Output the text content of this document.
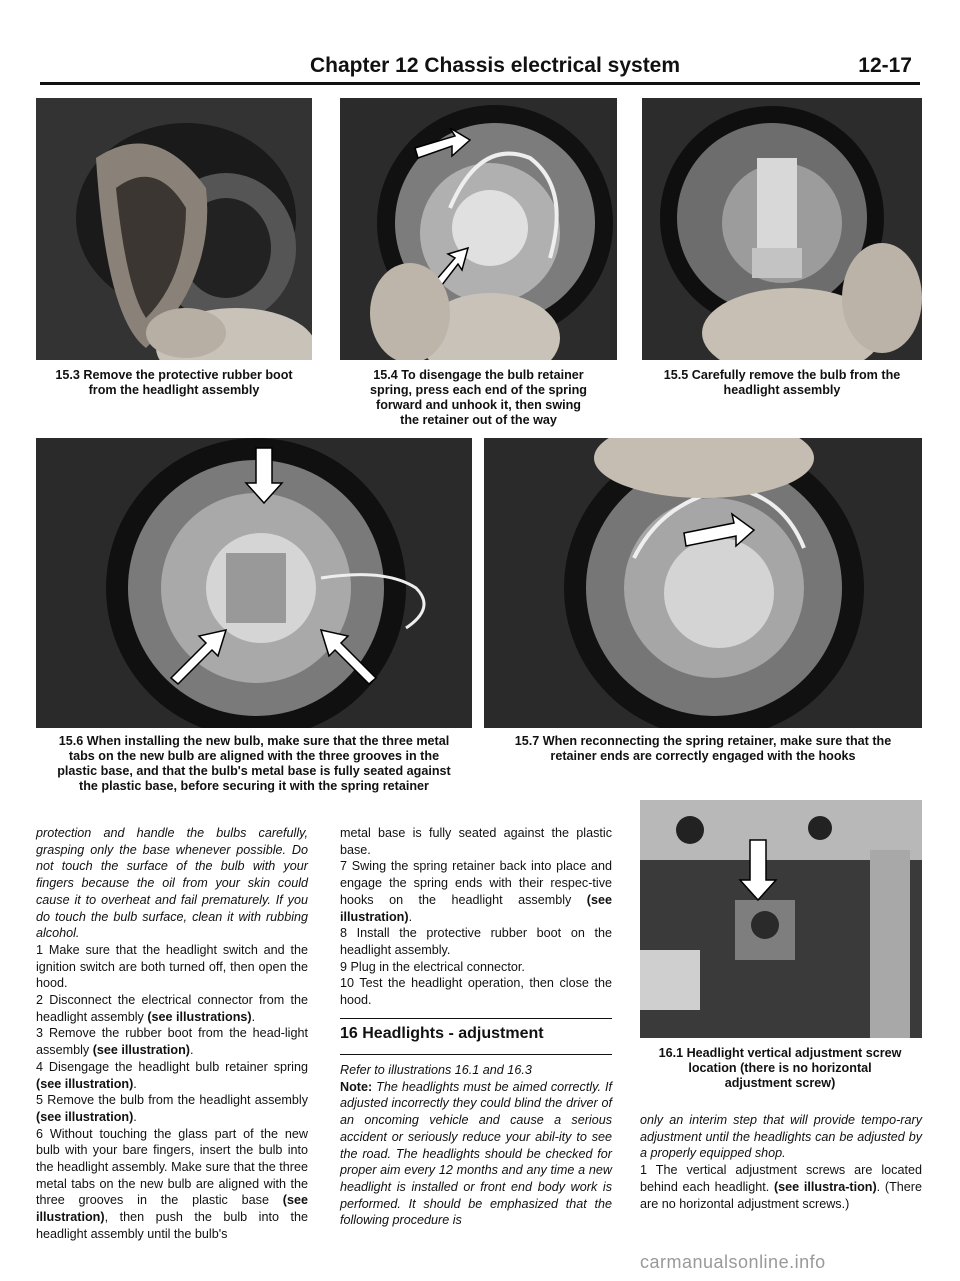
Chapter 12 Chassis electrical system	12-17
15.3 Remove the protective rubber boot
from the headlight assembly
15.4 To disengage the bulb retainer
spring, press each end of the spring
forward and unhook it, then swing
the retainer out of the way
15.5 Carefully remove the bulb from the
headlight assembly
15.6 When installing the new bulb, make sure that the three metal
tabs on the new bulb are aligned with the three grooves in the
plastic base, and that the bulb's metal base is fully seated against
the plastic base, before securing it with the spring retainer
15.7 When reconnecting the spring retainer, make sure that the
retainer ends are correctly engaged with the hooks
16.1 Headlight vertical adjustment screw
location (there is no horizontal
adjustment screw)

protection and handle the bulbs carefully, grasping only the base whenever possible. Do not touch the surface of the bulb with your fingers because the oil from your skin could cause it to overheat and fail prematurely. If you do touch the bulb surface, clean it with rubbing alcohol.

1 Make sure that the headlight switch and the ignition switch are both turned off, then open the hood.

2 Disconnect the electrical connector from the headlight assembly (see illustrations).

3 Remove the rubber boot from the head-light assembly (see illustration).

4 Disengage the headlight bulb retainer spring (see illustration).

5 Remove the bulb from the headlight assembly (see illustration).

6 Without touching the glass part of the new bulb with your bare fingers, insert the bulb into the headlight assembly. Make sure that the three metal tabs on the new bulb are aligned with the three grooves in the plastic base (see illustration), then push the bulb into the headlight assembly until the bulb's

metal base is fully seated against the plastic base.

7 Swing the spring retainer back into place and engage the spring ends with their respec-tive hooks on the headlight assembly (see illustration).

8 Install the protective rubber boot on the headlight assembly.

9 Plug in the electrical connector.

10 Test the headlight operation, then close the hood.

16 Headlights - adjustment

Refer to illustrations 16.1 and 16.3

Note: The headlights must be aimed correctly. If adjusted incorrectly they could blind the driver of an oncoming vehicle and cause a serious accident or seriously reduce your abil-ity to see the road. The headlights should be checked for proper aim every 12 months and any time a new headlight is installed or front end body work is performed. It should be emphasized that the following procedure is

only an interim step that will provide tempo-rary adjustment until the headlights can be adjusted by a properly equipped shop.

1 The vertical adjustment screws are located behind each headlight. (see illustra-tion). (There are no horizontal adjustment screws.)

carmanualsonline.info
